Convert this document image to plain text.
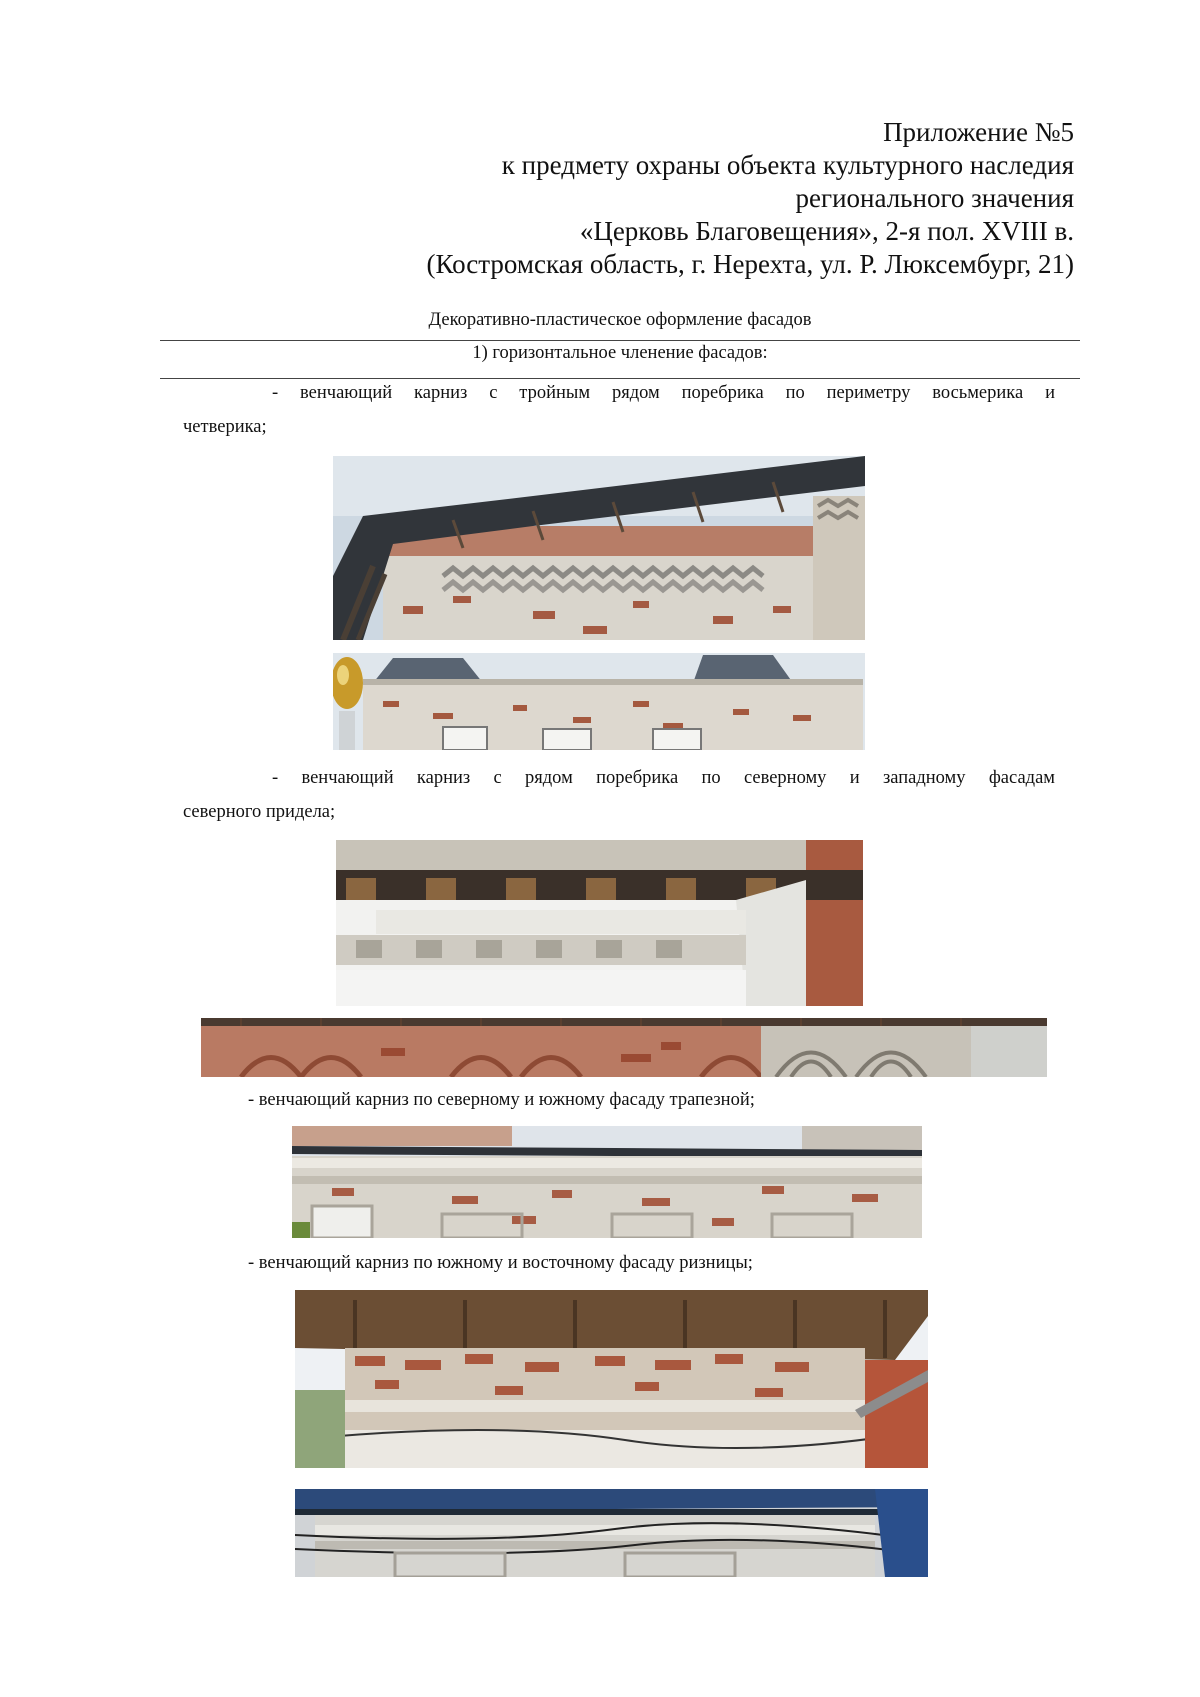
Приложение №5
к предмету охраны объекта культурного наследия
регионального значения
«Церковь Благовещения», 2-я пол. XVIII в.
(Костромская область, г. Нерехта, ул. Р. Люксембург, 21)
Декоративно-пластическое оформление фасадов
1) горизонтальное членение фасадов:
- венчающий карниз с тройным рядом поребрика по периметру восьмерика и
четверика;
- венчающий карниз с рядом поребрика по северному и западному фасадам
северного придела;
- венчающий карниз по северному и южному фасаду трапезной;
- венчающий карниз по южному и восточному фасаду ризницы;
